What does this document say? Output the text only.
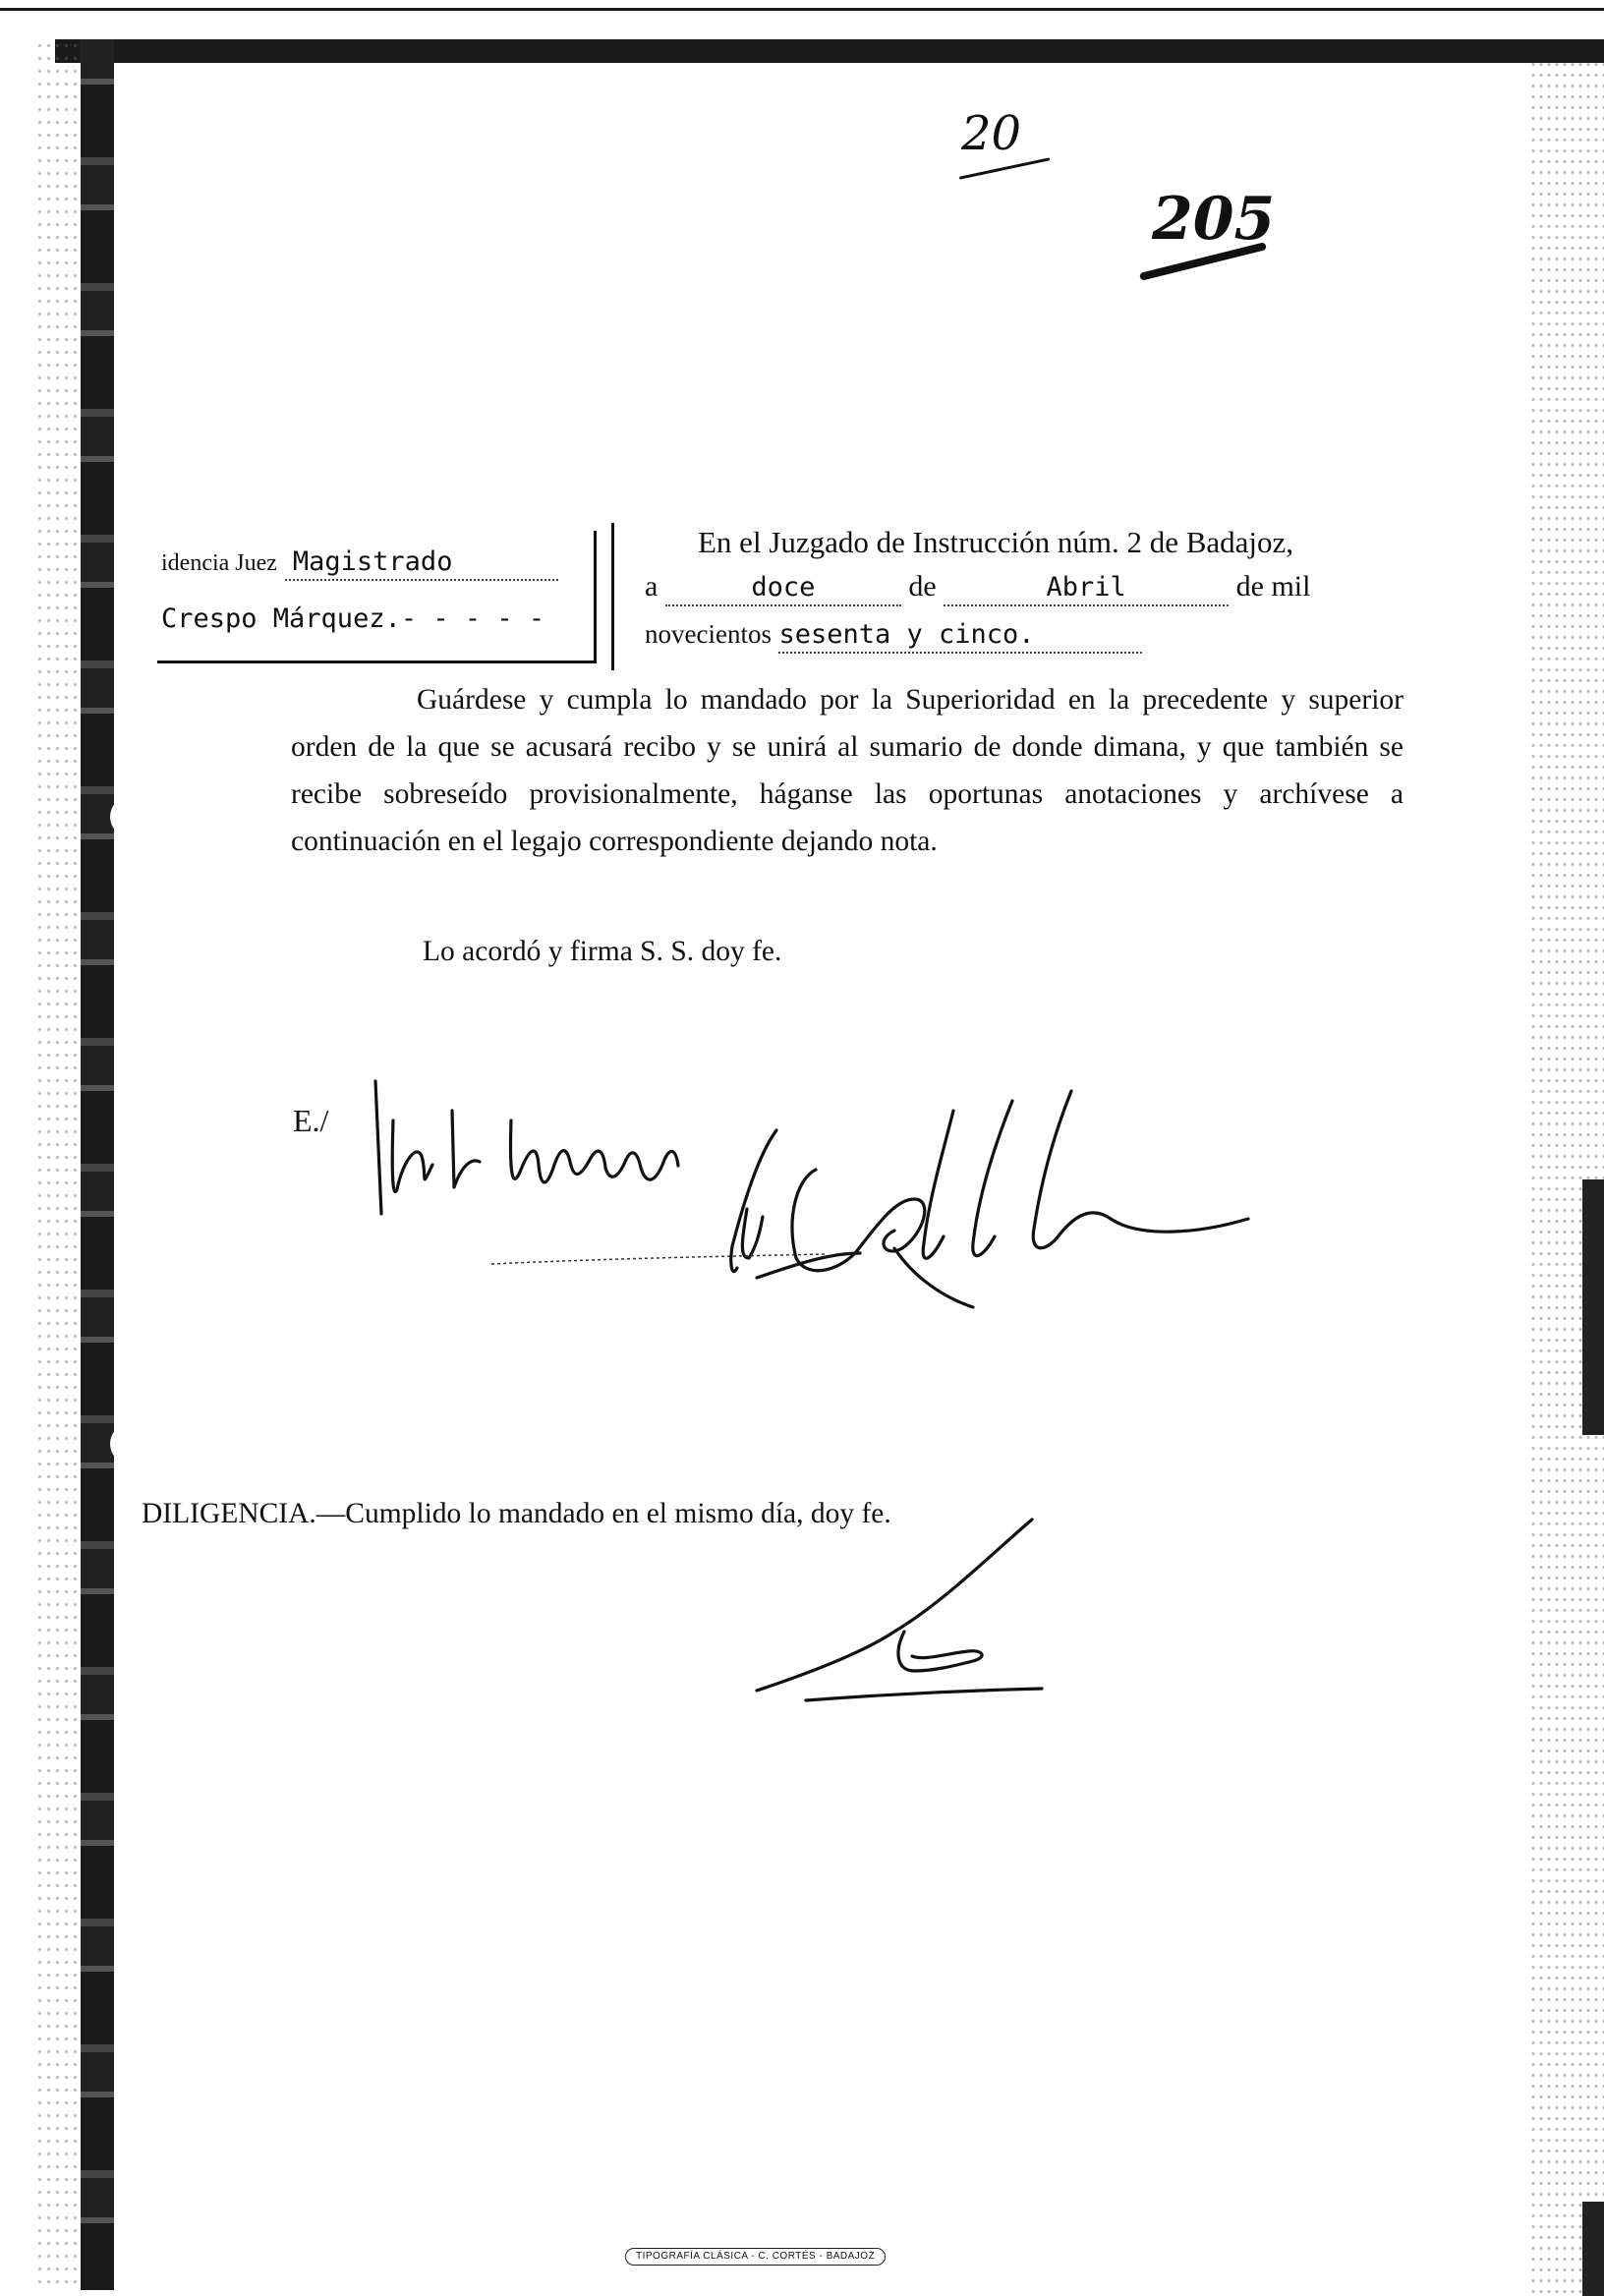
20
205
idencia Juez Magistrado
Crespo Márquez.- - - - -
En el Juzgado de Instrucción núm. 2 de Badajoz,
a	doce	de	Abril	de mil
novecientos sesenta y cinco.
Guárdese y cumpla lo mandado por la Superioridad en la precedente y superior orden de la que se acusará recibo y se unirá al sumario de donde dimana, y que también se recibe sobreseído provisionalmente, háganse las oportunas anotaciones y archívese a continuación en el legajo correspondiente dejando nota.
Lo acordó y firma S. S. doy fe.
E./
DILIGENCIA.—Cumplido lo mandado en el mismo día, doy fe.
TIPOGRAFÍA CLÁSICA - C. CORTÉS - BADAJOZ
